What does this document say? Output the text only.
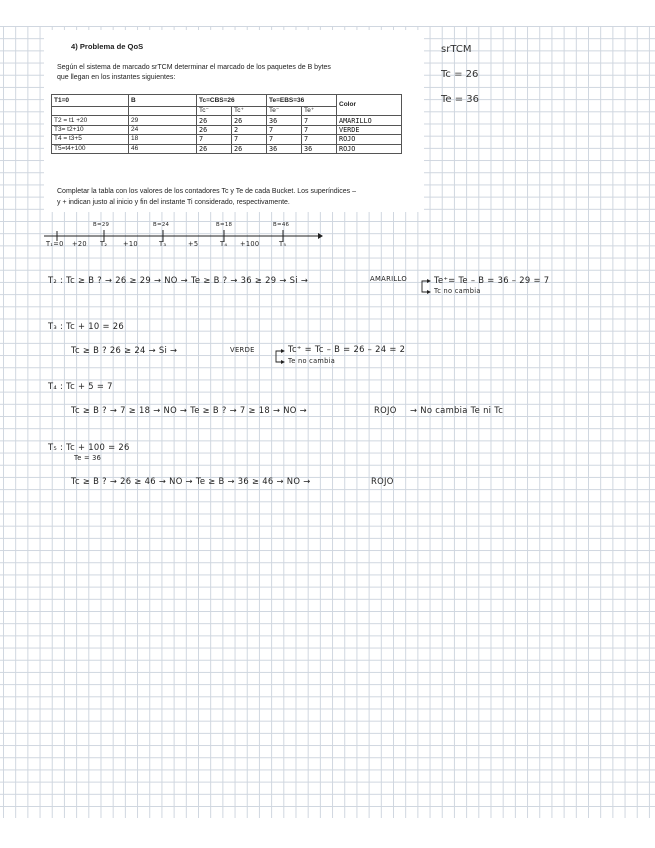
4) Problema de QoS
Según el sistema de marcado srTCM determinar el marcado de los paquetes de B bytes
que llegan en los instantes siguientes:
T1=0	B	Tc=CBS=26		Te=EBS=36		Color
		Tc⁻	Tc⁺	Te⁻	Te⁺	
T2 = t1 +20	29	26	26	36	7	AMARILLO
T3= t2+10	24	26	2	7	7	VERDE
T4 = t3+5	18	7	7	7	7	ROJO
T5=t4+100	46	26	26	36	36	ROJO
Completar la tabla con los valores de los contadores Tc y Te de cada Bucket. Los superíndices –
y + indican justo al inicio y fin del instante Ti considerado, respectivamente.
srTCM
Tc = 26
Te = 36
B=29	B=24	B=18	B=46
T₁=0 +20 T₂ +10	T₃	+5	T₄ +100	T₅
T₂ : Tc ≥ B ? → 26 ≥ 29 → NO → Te ≥ B ? → 36 ≥ 29 → Si →	AMARILLO	Te⁺= Te – B = 36 – 29 = 7
Tc no cambia
T₃ : Tc + 10 = 26
Tc ≥ B ? 26 ≥ 24 → Si →	VERDE	Tc⁺ = Tc – B = 26 – 24 = 2
Te no cambia
T₄ : Tc + 5 = 7
Tc ≥ B ? → 7 ≥ 18 → NO → Te ≥ B ? → 7 ≥ 18 → NO →	ROJO → No cambia Te ni Tc
T₅ : Tc + 100 = 26
Te = 36
Tc ≥ B ? → 26 ≥ 46 → NO → Te ≥ B → 36 ≥ 46 → NO →	ROJO
